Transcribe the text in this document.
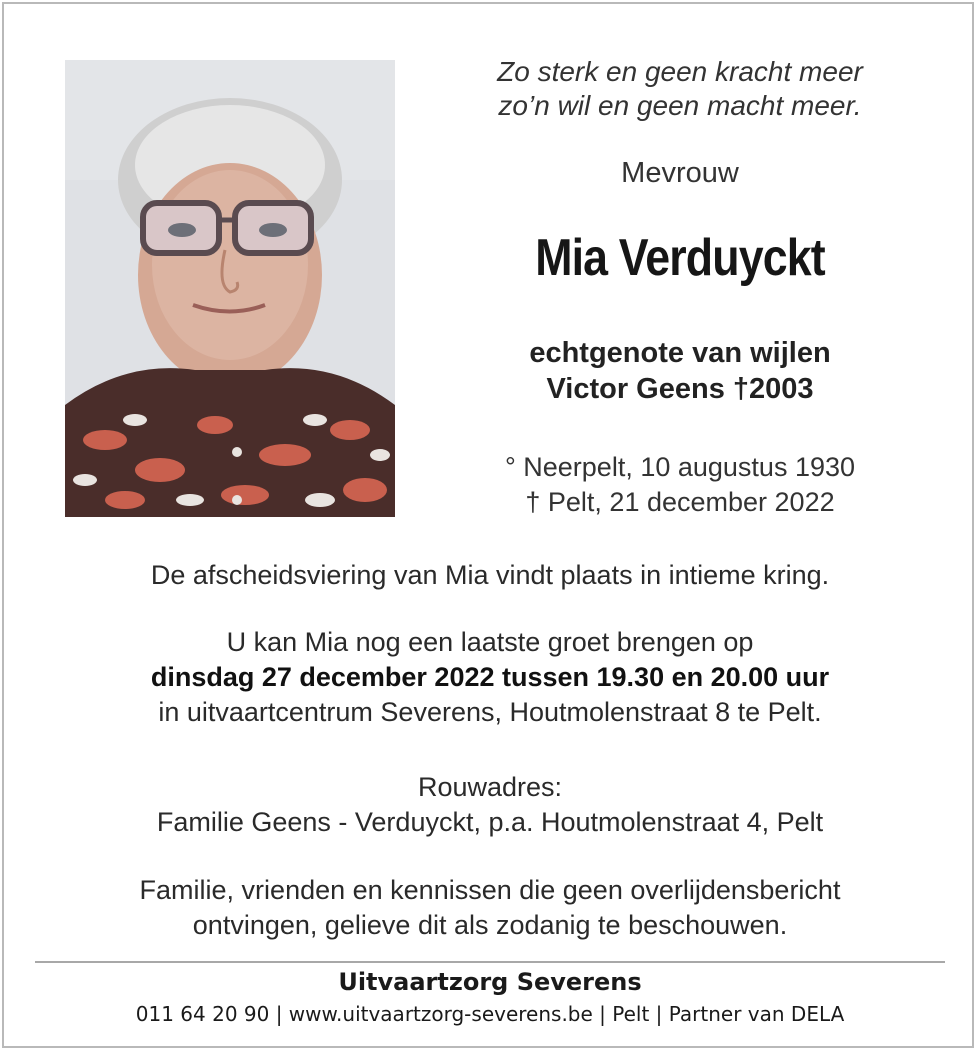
Zo sterk en geen kracht meer
zo’n wil en geen macht meer.
Mevrouw
Mia Verduyckt
echtgenote van wijlen
Victor Geens †2003
° Neerpelt, 10 augustus 1930
† Pelt, 21 december 2022
De afscheidsviering van Mia vindt plaats in intieme kring.
U kan Mia nog een laatste groet brengen op
dinsdag 27 december 2022 tussen 19.30 en 20.00 uur
in uitvaartcentrum Severens, Houtmolenstraat 8 te Pelt.
Rouwadres:
Familie Geens - Verduyckt, p.a. Houtmolenstraat 4, Pelt
Familie, vrienden en kennissen die geen overlijdensbericht
ontvingen, gelieve dit als zodanig te beschouwen.
Uitvaartzorg Severens
011 64 20 90 | www.uitvaartzorg-severens.be | Pelt | Partner van DELA
